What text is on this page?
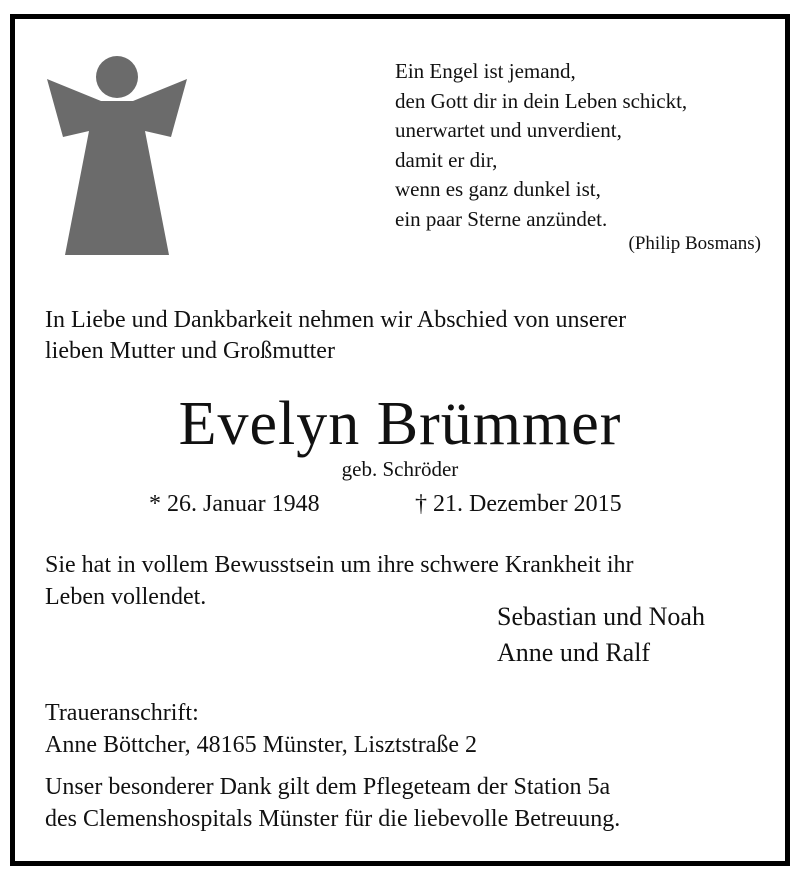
Ein Engel ist jemand,
den Gott dir in dein Leben schickt,
unerwartet und unverdient,
damit er dir,
wenn es ganz dunkel ist,
ein paar Sterne anzündet.
(Philip Bosmans)
In Liebe und Dankbarkeit nehmen wir Abschied von unserer
lieben Mutter und Großmutter
Evelyn Brümmer
geb. Schröder
* 26. Januar 1948	† 21. Dezember 2015
Sie hat in vollem Bewusstsein um ihre schwere Krankheit ihr
Leben vollendet.
Sebastian und Noah
Anne und Ralf
Traueranschrift:
Anne Böttcher, 48165 Münster, Lisztstraße 2
Unser besonderer Dank gilt dem Pflegeteam der Station 5a
des Clemenshospitals Münster für die liebevolle Betreuung.
